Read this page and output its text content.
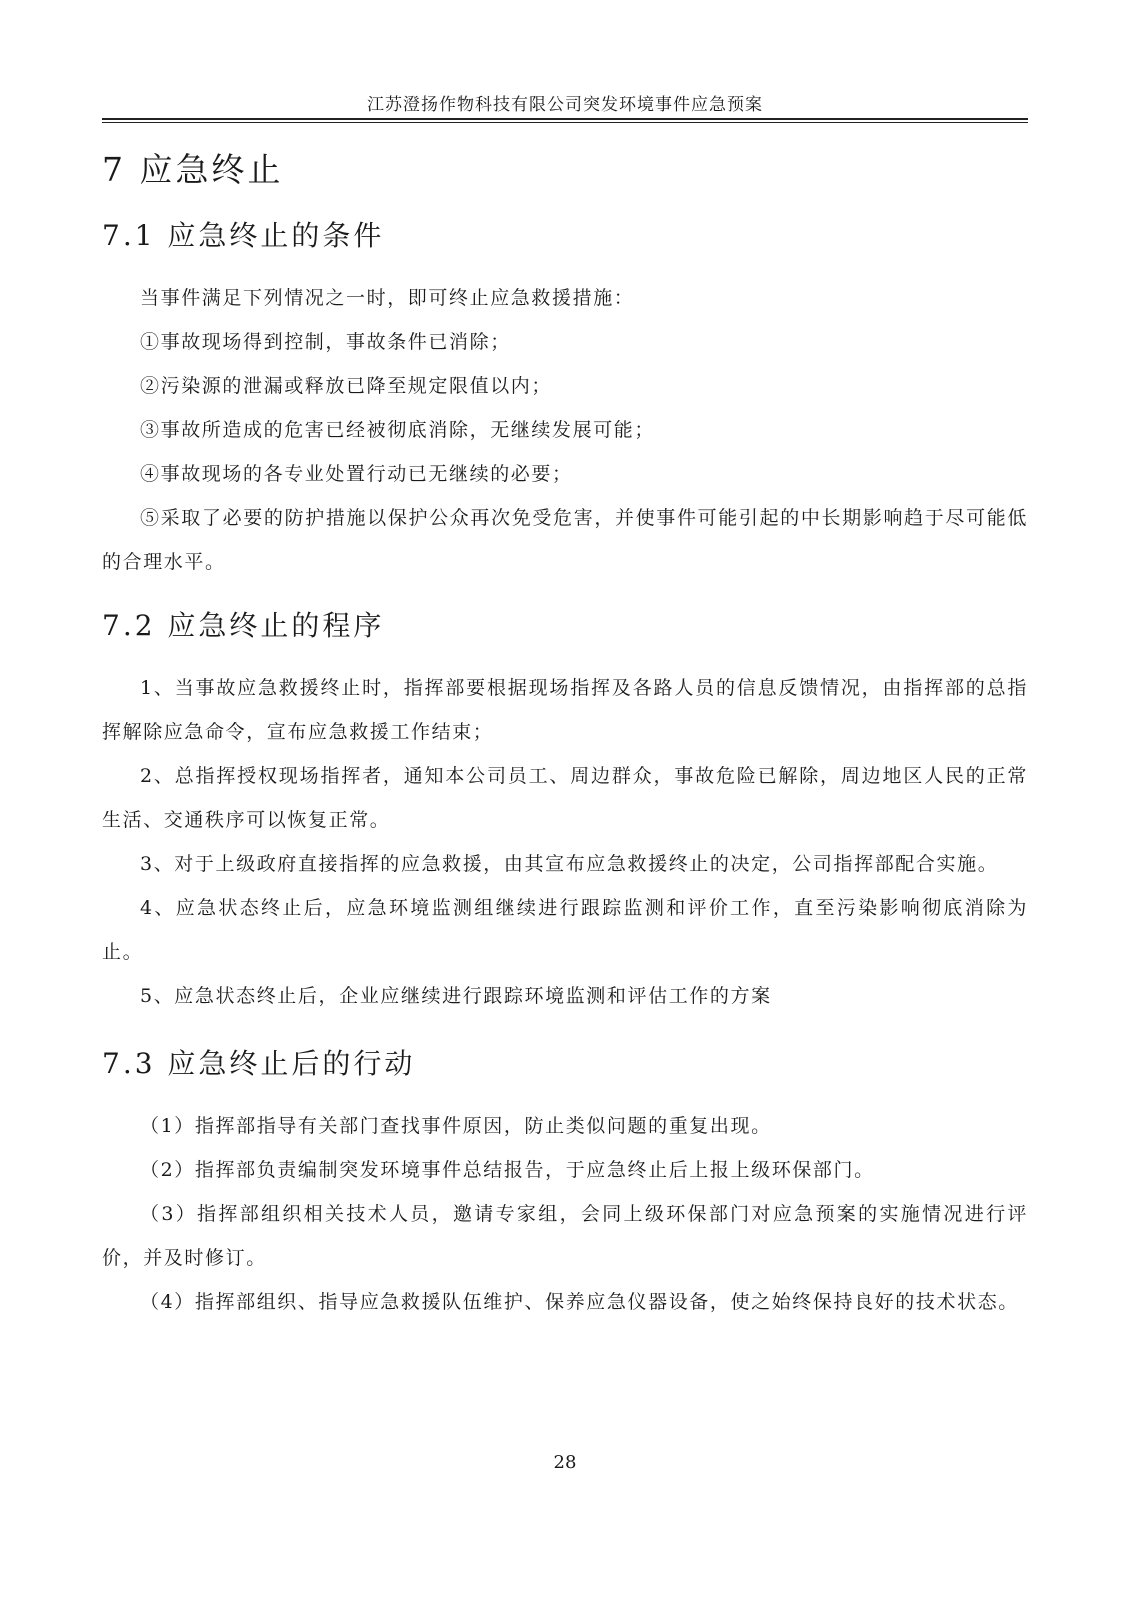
江苏澄扬作物科技有限公司突发环境事件应急预案
7 应急终止
7.1 应急终止的条件

当事件满足下列情况之一时，即可终止应急救援措施：

①事故现场得到控制，事故条件已消除；

②污染源的泄漏或释放已降至规定限值以内；

③事故所造成的危害已经被彻底消除，无继续发展可能；

④事故现场的各专业处置行动已无继续的必要；

⑤采取了必要的防护措施以保护公众再次免受危害，并使事件可能引起的中长期影响趋于尽可能低的合理水平。

7.2 应急终止的程序

1、当事故应急救援终止时，指挥部要根据现场指挥及各路人员的信息反馈情况，由指挥部的总指挥解除应急命令，宣布应急救援工作结束；

2、总指挥授权现场指挥者，通知本公司员工、周边群众，事故危险已解除，周边地区人民的正常生活、交通秩序可以恢复正常。

3、对于上级政府直接指挥的应急救援，由其宣布应急救援终止的决定，公司指挥部配合实施。

4、应急状态终止后，应急环境监测组继续进行跟踪监测和评价工作，直至污染影响彻底消除为止。

5、应急状态终止后，企业应继续进行跟踪环境监测和评估工作的方案

7.3 应急终止后的行动

（1）指挥部指导有关部门查找事件原因，防止类似问题的重复出现。

（2）指挥部负责编制突发环境事件总结报告，于应急终止后上报上级环保部门。

（3）指挥部组织相关技术人员，邀请专家组，会同上级环保部门对应急预案的实施情况进行评价，并及时修订。

（4）指挥部组织、指导应急救援队伍维护、保养应急仪器设备，使之始终保持良好的技术状态。

28
